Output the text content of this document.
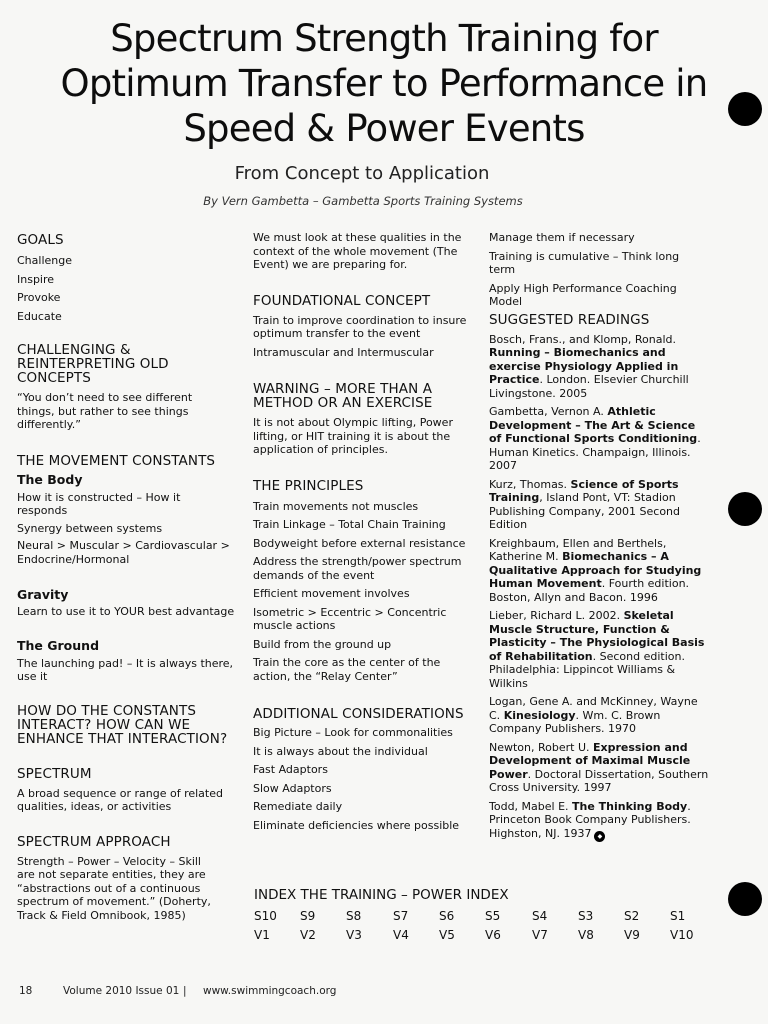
Spectrum Strength Training for
Optimum Transfer to Performance in
Speed & Power Events
From Concept to Application
By Vern Gambetta – Gambetta Sports Training Systems
GOALS
Challenge
Inspire
Provoke
Educate
CHALLENGING & REINTERPRETING OLD CONCEPTS
“You don’t need to see different things, but rather to see things differently.”
THE MOVEMENT CONSTANTS
The Body
How it is constructed – How it responds
Synergy between systems
Neural > Muscular > Cardiovascular > Endocrine/Hormonal
Gravity
Learn to use it to YOUR best advantage
The Ground
The launching pad! – It is always there, use it
HOW DO THE CONSTANTS INTERACT? HOW CAN WE ENHANCE THAT INTERACTION?
SPECTRUM
A broad sequence or range of related qualities, ideas, or activities
SPECTRUM APPROACH
Strength – Power – Velocity – Skill are not separate entities, they are “abstractions out of a continuous spectrum of movement.” (Doherty, Track & Field Omnibook, 1985)
We must look at these qualities in the context of the whole movement (The Event) we are preparing for.
FOUNDATIONAL CONCEPT
Train to improve coordination to insure optimum transfer to the event
Intramuscular and Intermuscular
WARNING – MORE THAN A METHOD OR AN EXERCISE
It is not about Olympic lifting, Power lifting, or HIT training it is about the application of principles.
THE PRINCIPLES
Train movements not muscles
Train Linkage – Total Chain Training
Bodyweight before external resistance
Address the strength/power spectrum demands of the event
Efficient movement involves
Isometric > Eccentric > Concentric muscle actions
Build from the ground up
Train the core as the center of the action, the “Relay Center”
ADDITIONAL CONSIDERATIONS
Big Picture – Look for commonalities
It is always about the individual
Fast Adaptors
Slow Adaptors
Remediate daily
Eliminate deficiencies where possible
Manage them if necessary
Training is cumulative – Think long term
Apply High Performance Coaching Model
SUGGESTED READINGS
Bosch, Frans., and Klomp, Ronald. Running – Biomechanics and exercise Physiology Applied in Practice. London. Elsevier Churchill Livingstone. 2005
Gambetta, Vernon A. Athletic Development – The Art & Science of Functional Sports Conditioning. Human Kinetics. Champaign, Illinois. 2007
Kurz, Thomas. Science of Sports Training, Island Pont, VT: Stadion Publishing Company, 2001 Second Edition
Kreighbaum, Ellen and Berthels, Katherine M. Biomechanics – A Qualitative Approach for Studying Human Movement. Fourth edition. Boston, Allyn and Bacon. 1996
Lieber, Richard L. 2002. Skeletal Muscle Structure, Function & Plasticity – The Physiological Basis of Rehabilitation. Second edition. Philadelphia: Lippincot Williams & Wilkins
Logan, Gene A. and McKinney, Wayne C. Kinesiology. Wm. C. Brown Company Publishers. 1970
Newton, Robert U. Expression and Development of Maximal Muscle Power. Doctoral Dissertation, Southern Cross University. 1997
Todd, Mabel E. The Thinking Body. Princeton Book Company Publishers. Highston, NJ. 1937 ◆
INDEX THE TRAINING – POWER INDEX
S10 S9	S8	S7	S6	S5	S4	S3	S2	S1
V1	V2	V3	V4	V5	V6	V7	V8	V9	V10
18	Volume 2010 Issue 01 | www.swimmingcoach.org
